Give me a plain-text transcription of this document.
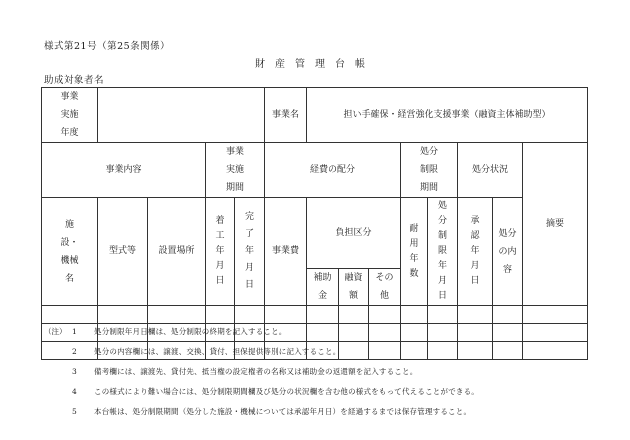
様式第21号（第25条関係）
財産管理台帳
助成対象者名
事業実施年度					事業名	担い手確保・経営強化支援事業（融資主体補助型）							
事業内容			事業実施期間		経費の配分				処分制限期間		処分状況		摘要
施設・機械名	型式等	設置場所	着工年月日	完了年月日	事業費	負担区分			耐用年数	処分制限年月日	承認年月日	処分の内容	
						補助金	融資額	その他					

（注） 1	処分制限年月日欄は、処分制限の終期を記入すること。
2	処分の内容欄には、譲渡、交換、貸付、担保提供等別に記入すること。
3	備考欄には、譲渡先、貸付先、抵当権の設定権者の名称又は補助金の返還額を記入すること。
4	この様式により難い場合には、処分制限期間欄及び処分の状況欄を含む他の様式をもって代えることができる。
5	本台帳は、処分制限期間（処分した施設・機械については承認年月日）を経過するまでは保存管理すること。
